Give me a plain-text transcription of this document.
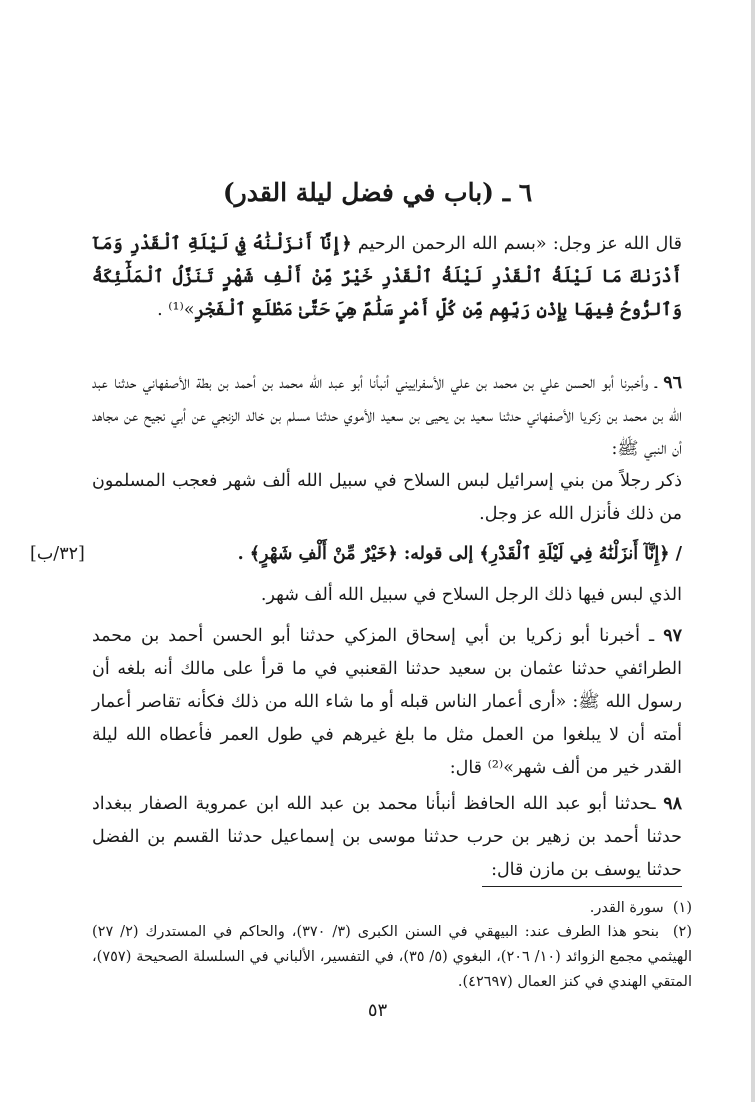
٦ ـ (باب في فضل ليلة القدر)
قال الله عز وجل: «بسم الله الرحمن الرحيم ﴿إِنَّآ أَنزَلْنَٰهُ فِي لَيْلَةِ ٱلْقَدْرِ وَمَآ أَدْرَىٰكَ مَا لَيْلَةُ ٱلْقَدْرِ لَيْلَةُ ٱلْقَدْرِ خَيْرٌ مِّنْ أَلْفِ شَهْرٍ تَنَزَّلُ ٱلْمَلَٰٓئِكَةُ وَٱلرُّوحُ فِيهَا بِإِذْنِ رَبِّهِم مِّن كُلِّ أَمْرٍ سَلَٰمٌ هِيَ حَتَّىٰ مَطْلَعِ ٱلْفَجْرِ»⁽¹⁾ .
٩٦ ـ وأخبرنا أبو الحسن علي بن محمد بن علي الأسفراييني أنبأنا أبو عبد الله محمد بن أحمد بن بطة الأصفهاني حدثنا عبد الله بن محمد بن زكريا الأصفهاني حدثنا سعيد بن يحيى بن سعيد الأموي حدثنا مسلم بن خالد الزنجي عن أبي نجيح عن مجاهد أن النبي ﷺ:
ذكر رجلاً من بني إسرائيل لبس السلاح في سبيل الله ألف شهر فعجب المسلمون من ذلك فأنزل الله عز وجل.
/ ﴿إِنَّآ أَنزَلْنَٰهُ فِي لَيْلَةِ ٱلْقَدْرِ﴾ إلى قوله: ﴿خَيْرٌ مِّنْ أَلْفِ شَهْرٍ﴾ .
[٣٢/ب]
الذي لبس فيها ذلك الرجل السلاح في سبيل الله ألف شهر.
٩٧ ـ أخبرنا أبو زكريا بن أبي إسحاق المزكي حدثنا أبو الحسن أحمد بن محمد الطرائفي حدثنا عثمان بن سعيد حدثنا القعنبي في ما قرأ على مالك أنه بلغه أن رسول الله ﷺ: «أرى أعمار الناس قبله أو ما شاء الله من ذلك فكأنه تقاصر أعمار أمته أن لا يبلغوا من العمل مثل ما بلغ غيرهم في طول العمر فأعطاه الله ليلة القدر خير من ألف شهر»⁽²⁾ قال:
٩٨ ـحدثنا أبو عبد الله الحافظ أنبأنا محمد بن عبد الله ابن عمروية الصفار ببغداد حدثنا أحمد بن زهير بن حرب حدثنا موسى بن إسماعيل حدثنا القسم بن الفضل حدثنا يوسف بن مازن قال:
(١)  سورة القدر.
(٢)  بنحو هذا الطرف عند: البيهقي في السنن الكبرى (٣/ ٣٧٠)، والحاكم في المستدرك (٢/ ٢٧) الهيثمي مجمع الزوائد (١٠/ ٢٠٦)، البغوي (٥/ ٣٥)، في التفسير، الألباني في السلسلة الصحيحة (٧٥٧)، المتقي الهندي في كنز العمال (٤٢٦٩٧).
٥٣
